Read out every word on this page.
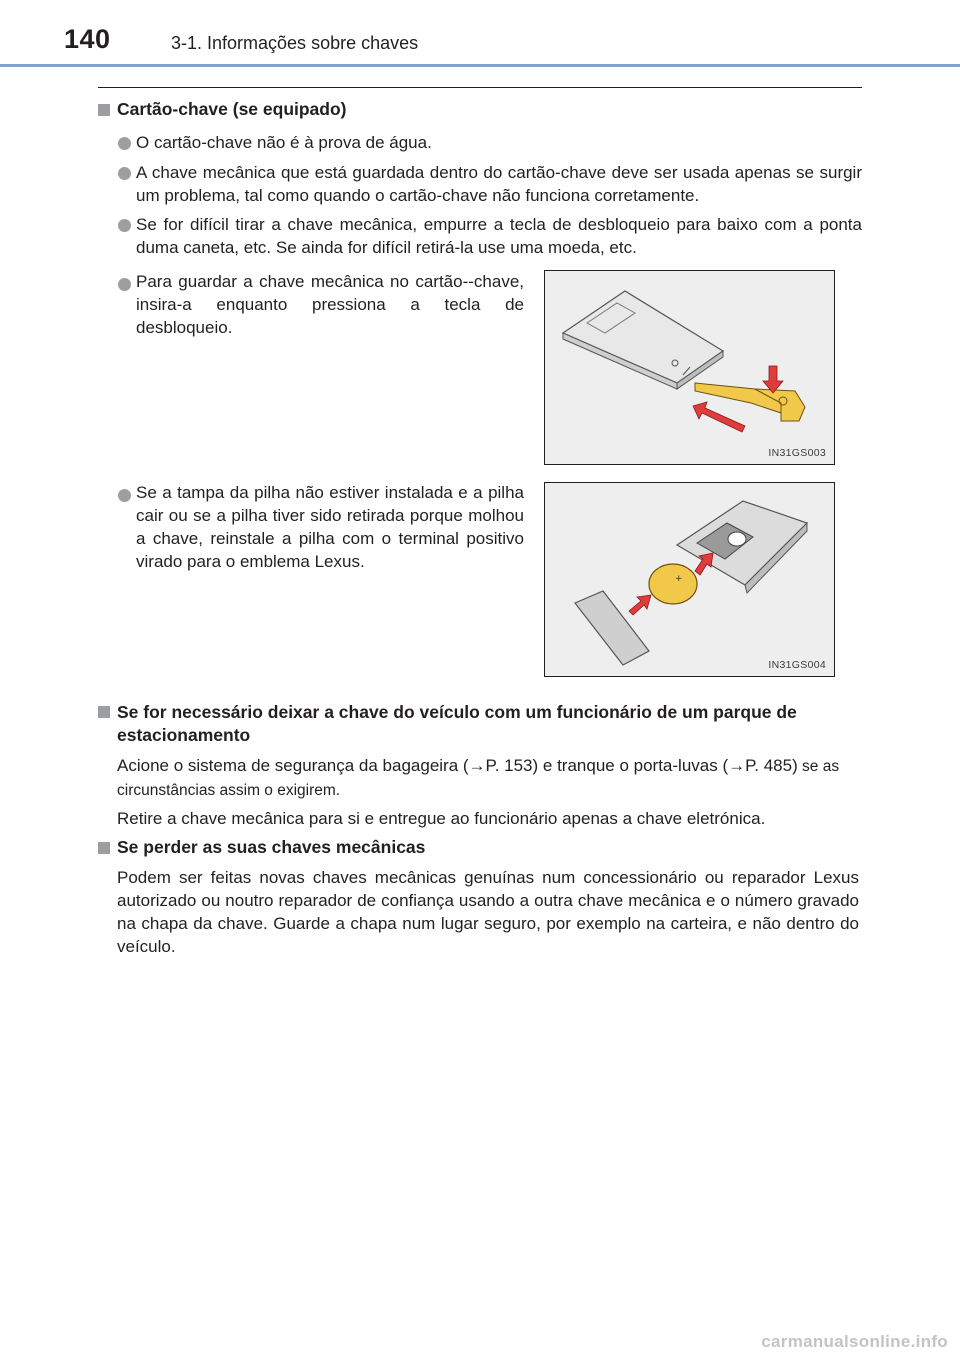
140	3-1. Informações sobre chaves
Cartão-chave (se equipado)
O cartão-chave não é à prova de água.
A chave mecânica que está guardada dentro do cartão-chave deve ser usada apenas se surgir um problema, tal como quando o cartão-chave não funciona corretamente.
Se for difícil tirar a chave mecânica, empurre a tecla de desbloqueio para baixo com a ponta duma caneta, etc. Se ainda for difícil retirá-la use uma moeda, etc.
Para guardar a chave mecânica no cartão--chave, insira-a enquanto pressiona a tecla de desbloqueio.
IN31GS003
Se a tampa da pilha não estiver instalada e a pilha cair ou se a pilha tiver sido retirada porque molhou a chave, reinstale a pilha com o terminal positivo virado para o emblema Lexus.
+
IN31GS004
Se for necessário deixar a chave do veículo com um funcionário de um parque de estacionamento
Acione o sistema de segurança da bagageira (→P. 153) e tranque o porta-luvas (→P. 485) se as circunstâncias assim o exigirem.
Retire a chave mecânica para si e entregue ao funcionário apenas a chave eletrónica.
Se perder as suas chaves mecânicas
Podem ser feitas novas chaves mecânicas genuínas num concessionário ou reparador Lexus autorizado ou noutro reparador de confiança usando a outra chave mecânica e o número gravado na chapa da chave. Guarde a chapa num lugar seguro, por exemplo na carteira, e não dentro do veículo.
carmanualsonline.info
